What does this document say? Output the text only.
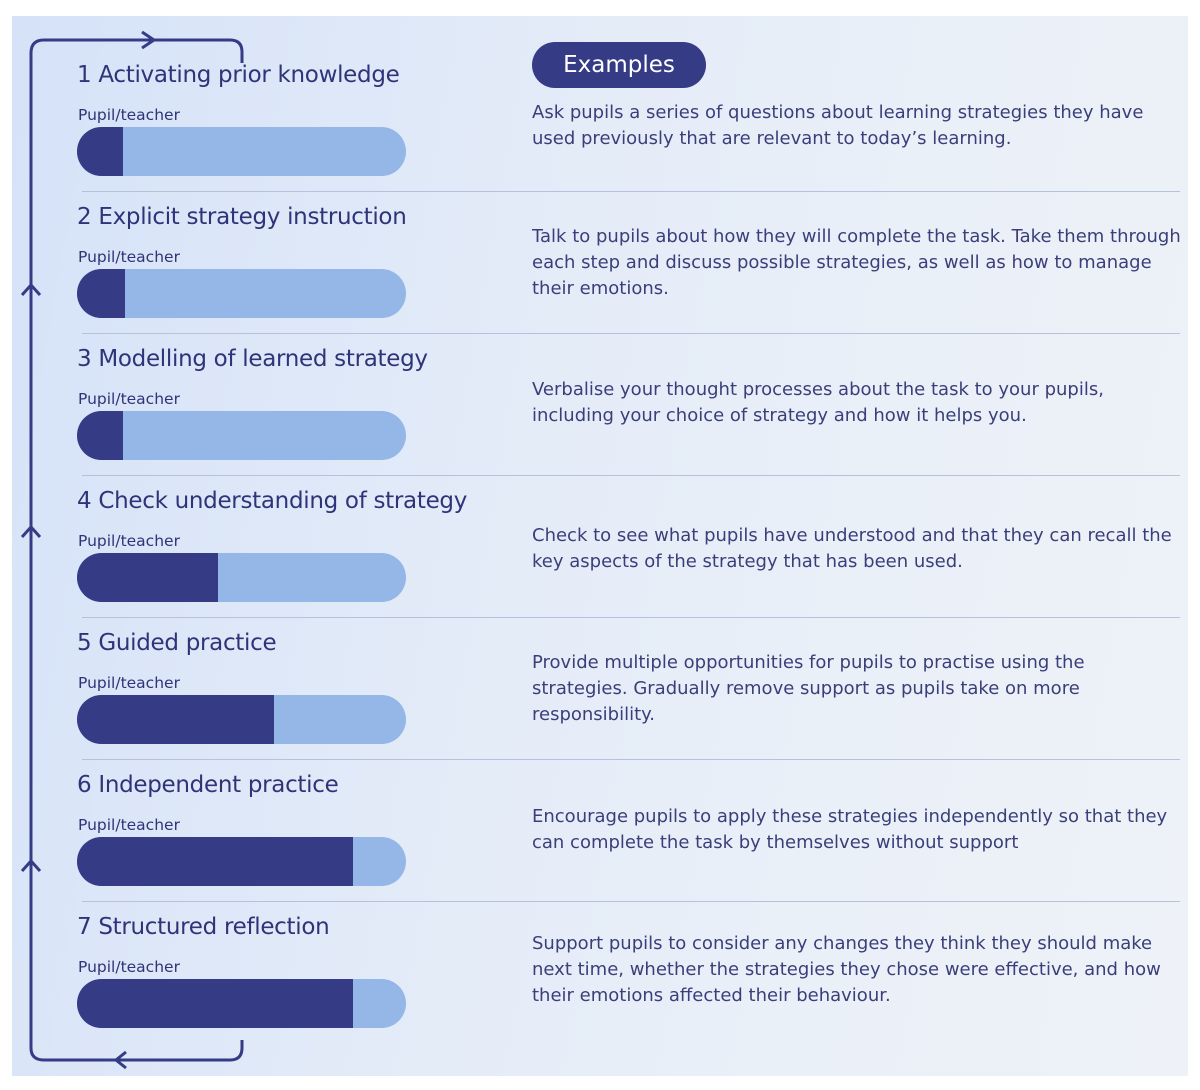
Examples
1 Activating prior knowledge
Pupil/teacher	Ask pupils a series of questions about learning strategies they have used previously that are relevant to today’s learning.
2 Explicit strategy instruction
Pupil/teacher
Talk to pupils about how they will complete the task. Take them through each step and discuss possible strategies, as well as how to manage their emotions.
3 Modelling of learned strategy
Pupil/teacher	Verbalise your thought processes about the task to your pupils, including your choice of strategy and how it helps you.
4 Check understanding of strategy
Pupil/teacher	Check to see what pupils have understood and that they can recall the key aspects of the strategy that has been used.
5 Guided practice
Pupil/teacher
Provide multiple opportunities for pupils to practise using the strategies. Gradually remove support as pupils take on more responsibility.
6 Independent practice
Pupil/teacher	Encourage pupils to apply these strategies independently so that they can complete the task by themselves without support
7 Structured reflection
Pupil/teacher
Support pupils to consider any changes they think they should make next time, whether the strategies they chose were effective, and how their emotions affected their behaviour.
